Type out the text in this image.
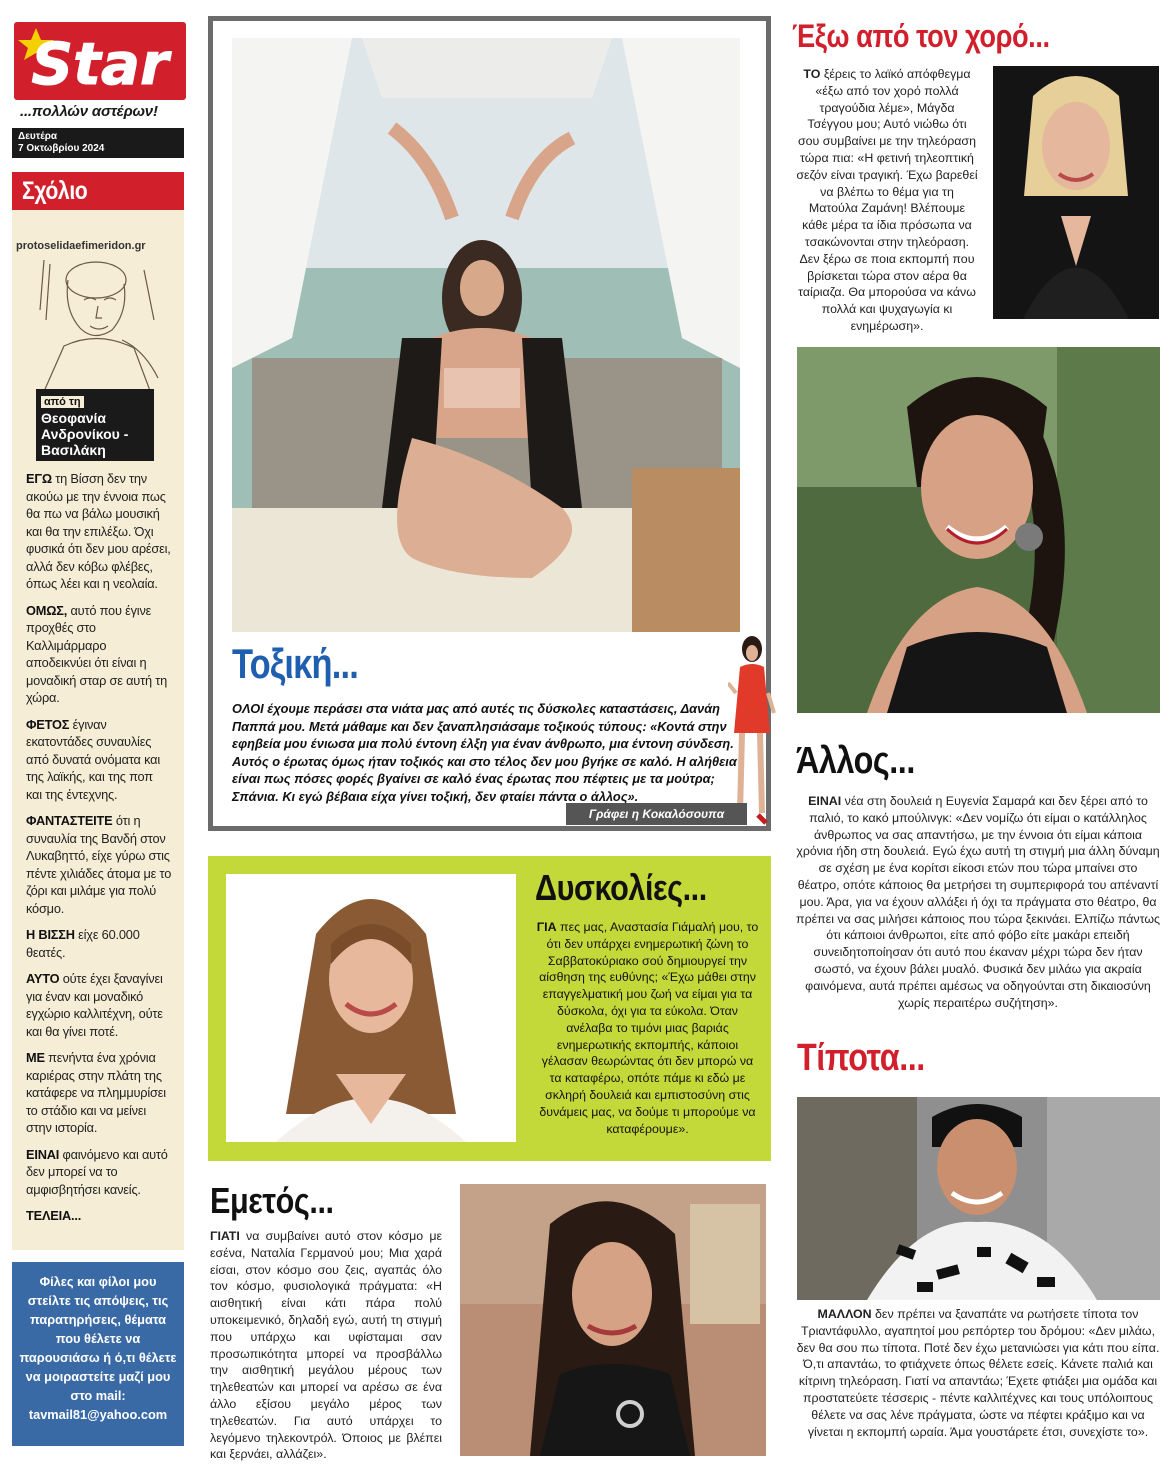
Star
...πολλών αστέρων!
Δευτέρα
7 Οκτωβρίου 2024
Σχόλιο
protoselidaefimeridon.gr
από τη
Θεοφανία Ανδρονίκου - Βασιλάκη

ΕΓΩ τη Βίσση δεν την ακούω με την έννοια πως θα πω να βάλω μουσική και θα την επιλέξω. Όχι φυσικά ότι δεν μου αρέσει, αλλά δεν κόβω φλέβες, όπως λέει και η νεολαία.

ΟΜΩΣ, αυτό που έγινε προχθές στο Καλλιμάρμαρο αποδεικνύει ότι είναι η μοναδική σταρ σε αυτή τη χώρα.

ΦΕΤΟΣ έγιναν εκατοντάδες συναυλίες από δυνατά ονόματα και της λαϊκής, και της ποπ και της έντεχνης.

ΦΑΝΤΑΣΤΕΙΤΕ ότι η συναυλία της Βανδή στον Λυκαβηττό, είχε γύρω στις πέντε χιλιάδες άτομα με το ζόρι και μιλάμε για πολύ κόσμο.

Η ΒΙΣΣΗ είχε 60.000 θεατές.

ΑΥΤΟ ούτε έχει ξαναγίνει για έναν και μοναδικό εγχώριο καλλιτέχνη, ούτε και θα γίνει ποτέ.

ΜΕ πενήντα ένα χρόνια καριέρας στην πλάτη της κατάφερε να πλημμυρίσει το στάδιο και να μείνει στην ιστορία.

ΕΙΝΑΙ φαινόμενο και αυτό δεν μπορεί να το αμφισβητήσει κανείς.

ΤΕΛΕΙΑ...

Φίλες και φίλοι μου στείλτε τις απόψεις, τις παρατηρήσεις, θέματα που θέλετε να παρουσιάσω ή ό,τι θέλετε να μοιραστείτε μαζί μου στο mail:
tavmail81@yahoo.com
Τοξική...
ΟΛΟΙ έχουμε περάσει στα νιάτα μας από αυτές τις δύσκολες καταστάσεις, Δανάη Παππά μου. Μετά μάθαμε και δεν ξαναπλησιάσαμε τοξικούς τύπους: «Κοντά στην εφηβεία μου ένιωσα μια πολύ έντονη έλξη για έναν άνθρωπο, μια έντονη σύνδεση. Αυτός ο έρωτας όμως ήταν τοξικός και στο τέλος δεν μου βγήκε σε καλό. Η αλήθεια είναι πως πόσες φορές βγαίνει σε καλό ένας έρωτας που πέφτεις με τα μούτρα; Σπάνια. Κι εγώ βέβαια είχα γίνει τοξική, δεν φταίει πάντα ο άλλος».
Γράφει η Κοκαλόσουπα
Δυσκολίες...
ΓΙΑ πες μας, Αναστασία Γιάμαλή μου, το ότι δεν υπάρχει ενημερωτική ζώνη το Σαββατοκύριακο σού δημιουργεί την αίσθηση της ευθύνης; «Έχω μάθει στην επαγγελματική μου ζωή να είμαι για τα δύσκολα, όχι για τα εύκολα. Όταν ανέλαβα το τιμόνι μιας βαριάς ενημερωτικής εκπομπής, κάποιοι γέλασαν θεωρώντας ότι δεν μπορώ να τα καταφέρω, οπότε πάμε κι εδώ με σκληρή δουλειά και εμπιστοσύνη στις δυνάμεις μας, να δούμε τι μπορούμε να καταφέρουμε».
Εμετός...
ΓΙΑΤΙ να συμβαίνει αυτό στον κόσμο με εσένα, Ναταλία Γερμανού μου; Μια χαρά είσαι, στον κόσμο σου ζεις, αγαπάς όλο τον κόσμο, φυσιολογικά πράγματα: «Η αισθητική είναι κάτι πάρα πολύ υποκειμενικό, δηλαδή εγώ, αυτή τη στιγμή που υπάρχω και υφίσταμαι σαν προσωπικότητα μπορεί να προσβάλλω την αισθητική μεγάλου μέρους των τηλεθεατών και μπορεί να αρέσω σε ένα άλλο εξίσου μεγάλο μέρος των τηλεθεατών. Για αυτό υπάρχει το λεγόμενο τηλεκοντρόλ. Όποιος με βλέπει και ξερνάει, αλλάζει».
Έξω από τον χορό...
ΤΟ ξέρεις το λαϊκό απόφθεγμα «έξω από τον χορό πολλά τραγούδια λέμε», Μάγδα Τσέγγου μου; Αυτό νιώθω ότι σου συμβαίνει με την τηλεόραση τώρα πια: «Η φετινή τηλεοπτική σεζόν είναι τραγική. Έχω βαρεθεί να βλέπω το θέμα για τη Ματούλα Ζαμάνη! Βλέπουμε κάθε μέρα τα ίδια πρόσωπα να τσακώνονται στην τηλεόραση. Δεν ξέρω σε ποια εκπομπή που βρίσκεται τώρα στον αέρα θα ταίριαζα. Θα μπορούσα να κάνω πολλά και ψυχαγωγία κι ενημέρωση».
Άλλος...
ΕΙΝΑΙ νέα στη δουλειά η Ευγενία Σαμαρά και δεν ξέρει από το παλιό, το κακό μπούλινγκ: «Δεν νομίζω ότι είμαι ο κατάλληλος άνθρωπος να σας απαντήσω, με την έννοια ότι είμαι κάποια χρόνια ήδη στη δουλειά. Εγώ έχω αυτή τη στιγμή μια άλλη δύναμη σε σχέση με ένα κορίτσι είκοσι ετών που τώρα μπαίνει στο θέατρο, οπότε κάποιος θα μετρήσει τη συμπεριφορά του απέναντί μου. Άρα, για να έχουν αλλάξει ή όχι τα πράγματα στο θέατρο, θα πρέπει να σας μιλήσει κάποιος που τώρα ξεκινάει. Ελπίζω πάντως ότι κάποιοι άνθρωποι, είτε από φόβο είτε μακάρι επειδή συνειδητοποίησαν ότι αυτό που έκαναν μέχρι τώρα δεν ήταν σωστό, να έχουν βάλει μυαλό. Φυσικά δεν μιλάω για ακραία φαινόμενα, αυτά πρέπει αμέσως να οδηγούνται στη δικαιοσύνη χωρίς περαιτέρω συζήτηση».
Τίποτα...
ΜΑΛΛΟΝ δεν πρέπει να ξαναπάτε να ρωτήσετε τίποτα τον Τριαντάφυλλο, αγαπητοί μου ρεπόρτερ του δρόμου: «Δεν μιλάω, δεν θα σου πω τίποτα. Ποτέ δεν έχω μετανιώσει για κάτι που είπα. Ό,τι απαντάω, το φτιάχνετε όπως θέλετε εσείς. Κάνετε παλιά και κίτρινη τηλεόραση. Γιατί να απαντάω; Έχετε φτιάξει μια ομάδα και προστατεύετε τέσσερις - πέντε καλλιτέχνες και τους υπόλοιπους θέλετε να σας λένε πράγματα, ώστε να πέφτει κράξιμο και να γίνεται η εκπομπή ωραία. Άμα γουστάρετε έτσι, συνεχίστε το».
